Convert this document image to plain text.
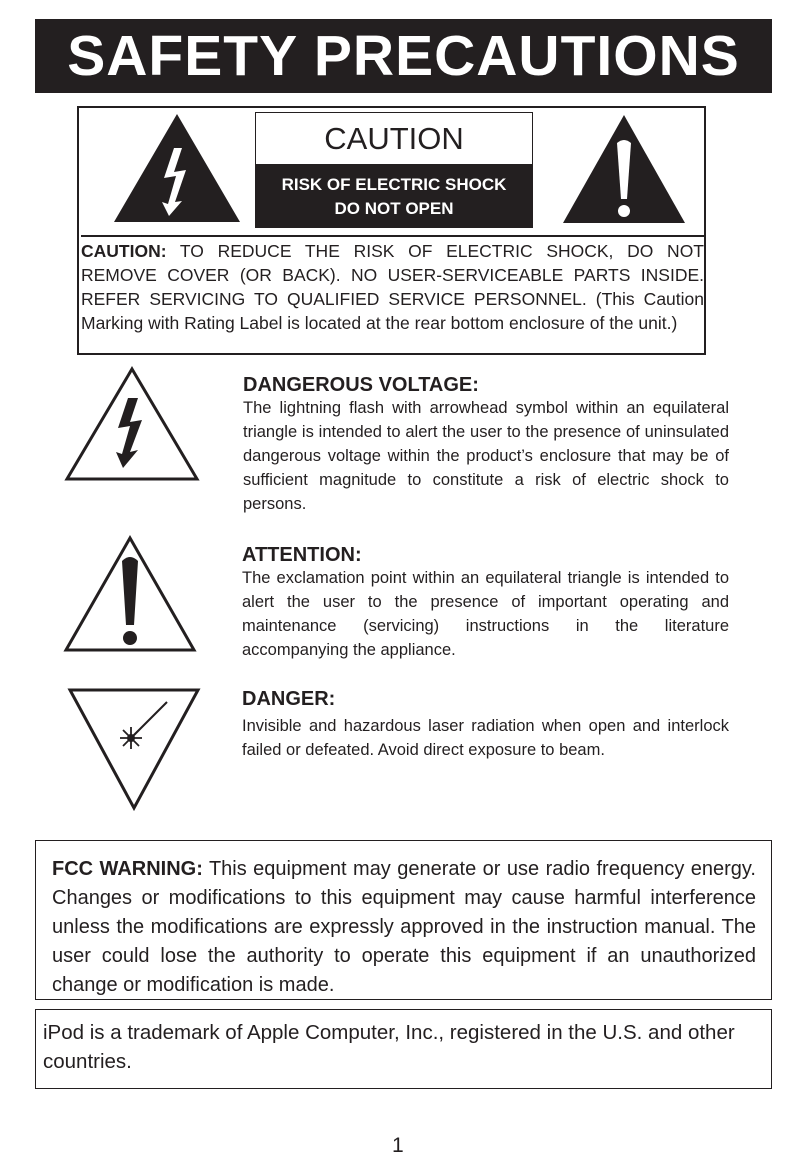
SAFETY PRECAUTIONS
CAUTION
RISK OF ELECTRIC SHOCK
DO NOT OPEN
CAUTION: TO REDUCE THE RISK OF ELECTRIC SHOCK, DO NOT REMOVE COVER (OR BACK). NO USER-SERVICEABLE PARTS INSIDE. REFER SERVICING TO QUALIFIED SERVICE PERSONNEL. (This Caution Marking with Rating Label is located at the rear bottom enclosure of the unit.)
DANGEROUS VOLTAGE:
The lightning flash with arrowhead symbol within an equilateral triangle is intended to alert the user to the presence of uninsulated dangerous voltage within the product’s enclosure that may be of sufficient magnitude to constitute a risk of electric shock to persons.
ATTENTION:
The exclamation point within an equilateral triangle is intended to alert the user to the presence of important operating and maintenance (servicing) instructions in the literature accompanying the appliance.
DANGER:
Invisible and hazardous laser radiation when open and interlock failed or defeated. Avoid direct exposure to beam.
FCC WARNING: This equipment may generate or use radio frequency energy. Changes or modifications to this equipment may cause harmful interference unless the modifications are expressly approved in the instruction manual. The user could lose the authority to operate this equipment if an unauthorized change or modification is made.
iPod is a trademark of Apple Computer, Inc., registered in the U.S. and other countries.
1
